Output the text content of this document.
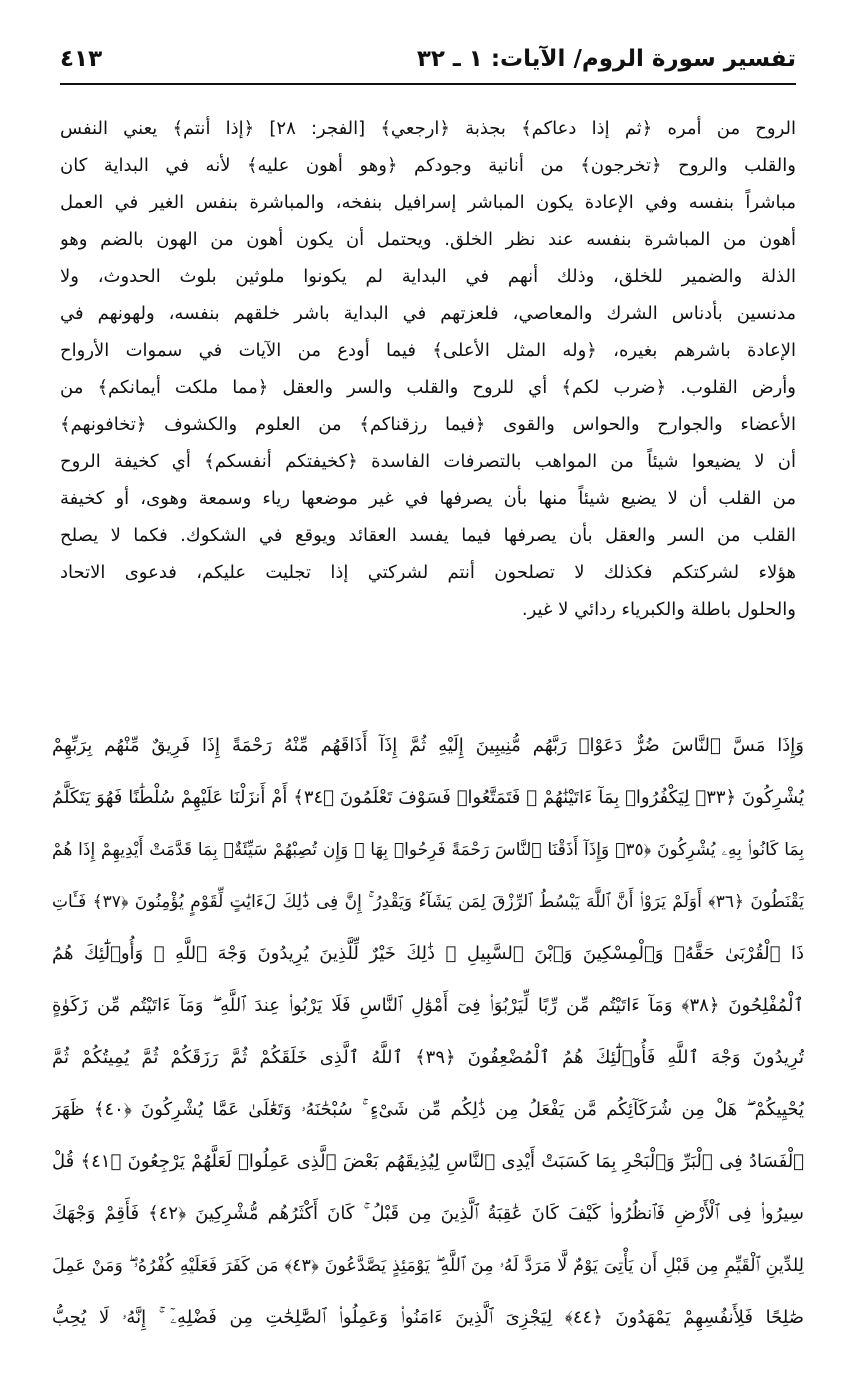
تفسير سورة الروم/ الآيات: ١ ـ ٣٢
٤١٣
الروح من أمره ﴿ثم إذا دعاكم﴾ بجذبة ﴿ارجعي﴾ [الفجر: ٢٨] ﴿إذا أنتم﴾ يعني النفس
والقلب والروح ﴿تخرجون﴾ من أنانية وجودكم ﴿وهو أهون عليه﴾ لأنه في البداية كان
مباشراً بنفسه وفي الإعادة يكون المباشر إسرافيل بنفخه، والمباشرة بنفس الغير في العمل
أهون من المباشرة بنفسه عند نظر الخلق. ويحتمل أن يكون أهون من الهون بالضم وهو
الذلة والضمير للخلق، وذلك أنهم في البداية لم يكونوا ملوثين بلوث الحدوث، ولا
مدنسين بأدناس الشرك والمعاصي، فلعزتهم في البداية باشر خلقهم بنفسه، ولهونهم في
الإعادة باشرهم بغيره، ﴿وله المثل الأعلى﴾ فيما أودع من الآيات في سموات الأرواح
وأرض القلوب. ﴿ضرب لكم﴾ أي للروح والقلب والسر والعقل ﴿مما ملكت أيمانكم﴾ من
الأعضاء والجوارح والحواس والقوى ﴿فيما رزقناكم﴾ من العلوم والكشوف ﴿تخافونهم﴾
أن لا يضيعوا شيئاً من المواهب بالتصرفات الفاسدة ﴿كخيفتكم أنفسكم﴾ أي كخيفة الروح
من القلب أن لا يضيع شيئاً منها بأن يصرفها في غير موضعها رياء وسمعة وهوى، أو كخيفة
القلب من السر والعقل بأن يصرفها فيما يفسد العقائد ويوقع في الشكوك. فكما لا يصلح
هؤلاء لشركتكم فكذلك لا تصلحون أنتم لشركتي إذا تجليت عليكم، فدعوى الاتحاد
والحلول باطلة والكبرياء ردائي لا غير.
وَإِذَا مَسَّ ٱلنَّاسَ ضُرٌّ دَعَوْا۟ رَبَّهُم مُّنِيبِينَ إِلَيْهِ ثُمَّ إِذَآ أَذَاقَهُم مِّنْهُ رَحْمَةً إِذَا فَرِيقٌ مِّنْهُم بِرَبِّهِمْ
يُشْرِكُونَ ﴿٣٣﴾ لِيَكْفُرُوا۟ بِمَآ ءَاتَيْنَٰهُمْ ۚ فَتَمَتَّعُوا۟ فَسَوْفَ تَعْلَمُونَ ﴿٣٤﴾ أَمْ أَنزَلْنَا عَلَيْهِمْ سُلْطَٰنًا فَهُوَ يَتَكَلَّمُ
بِمَا كَانُوا۟ بِهِۦ يُشْرِكُونَ ﴿٣٥﴾ وَإِذَآ أَذَقْنَا ٱلنَّاسَ رَحْمَةً فَرِحُوا۟ بِهَا ۖ وَإِن تُصِبْهُمْ سَيِّئَةٌۢ بِمَا قَدَّمَتْ أَيْدِيهِمْ إِذَا هُمْ
يَقْنَطُونَ ﴿٣٦﴾ أَوَلَمْ يَرَوْا۟ أَنَّ ٱللَّهَ يَبْسُطُ ٱلرِّزْقَ لِمَن يَشَآءُ وَيَقْدِرُ ۚ إِنَّ فِى ذَٰلِكَ لَءَايَٰتٍ لِّقَوْمٍ يُؤْمِنُونَ ﴿٣٧﴾ فَـَٔاتِ
ذَا ٱلْقُرْبَىٰ حَقَّهُۥ وَٱلْمِسْكِينَ وَٱبْنَ ٱلسَّبِيلِ ۚ ذَٰلِكَ خَيْرٌ لِّلَّذِينَ يُرِيدُونَ وَجْهَ ٱللَّهِ ۖ وَأُو۟لَٰٓئِكَ هُمُ
ٱلْمُفْلِحُونَ ﴿٣٨﴾ وَمَآ ءَاتَيْتُم مِّن رِّبًا لِّيَرْبُوَا۟ فِىٓ أَمْوَٰلِ ٱلنَّاسِ فَلَا يَرْبُوا۟ عِندَ ٱللَّهِ ۖ وَمَآ ءَاتَيْتُم مِّن زَكَوٰةٍ
تُرِيدُونَ وَجْهَ ٱللَّهِ فَأُو۟لَٰٓئِكَ هُمُ ٱلْمُضْعِفُونَ ﴿٣٩﴾ ٱللَّهُ ٱلَّذِى خَلَقَكُمْ ثُمَّ رَزَقَكُمْ ثُمَّ يُمِيتُكُمْ ثُمَّ
يُحْيِيكُمْ ۖ هَلْ مِن شُرَكَآئِكُم مَّن يَفْعَلُ مِن ذَٰلِكُم مِّن شَىْءٍ ۚ سُبْحَٰنَهُۥ وَتَعَٰلَىٰ عَمَّا يُشْرِكُونَ ﴿٤٠﴾ ظَهَرَ
ٱلْفَسَادُ فِى ٱلْبَرِّ وَٱلْبَحْرِ بِمَا كَسَبَتْ أَيْدِى ٱلنَّاسِ لِيُذِيقَهُم بَعْضَ ٱلَّذِى عَمِلُوا۟ لَعَلَّهُمْ يَرْجِعُونَ ﴿٤١﴾ قُلْ
سِيرُوا۟ فِى ٱلْأَرْضِ فَٱنظُرُوا۟ كَيْفَ كَانَ عَٰقِبَةُ ٱلَّذِينَ مِن قَبْلُ ۚ كَانَ أَكْثَرُهُم مُّشْرِكِينَ ﴿٤٢﴾ فَأَقِمْ وَجْهَكَ
لِلدِّينِ ٱلْقَيِّمِ مِن قَبْلِ أَن يَأْتِىَ يَوْمٌ لَّا مَرَدَّ لَهُۥ مِنَ ٱللَّهِ ۖ يَوْمَئِذٍ يَصَّدَّعُونَ ﴿٤٣﴾ مَن كَفَرَ فَعَلَيْهِ كُفْرُهُۥ ۖ وَمَنْ عَمِلَ
صَٰلِحًا فَلِأَنفُسِهِمْ يَمْهَدُونَ ﴿٤٤﴾ لِيَجْزِىَ ٱلَّذِينَ ءَامَنُوا۟ وَعَمِلُوا۟ ٱلصَّٰلِحَٰتِ مِن فَضْلِهِۦٓ ۚ إِنَّهُۥ لَا يُحِبُّ
